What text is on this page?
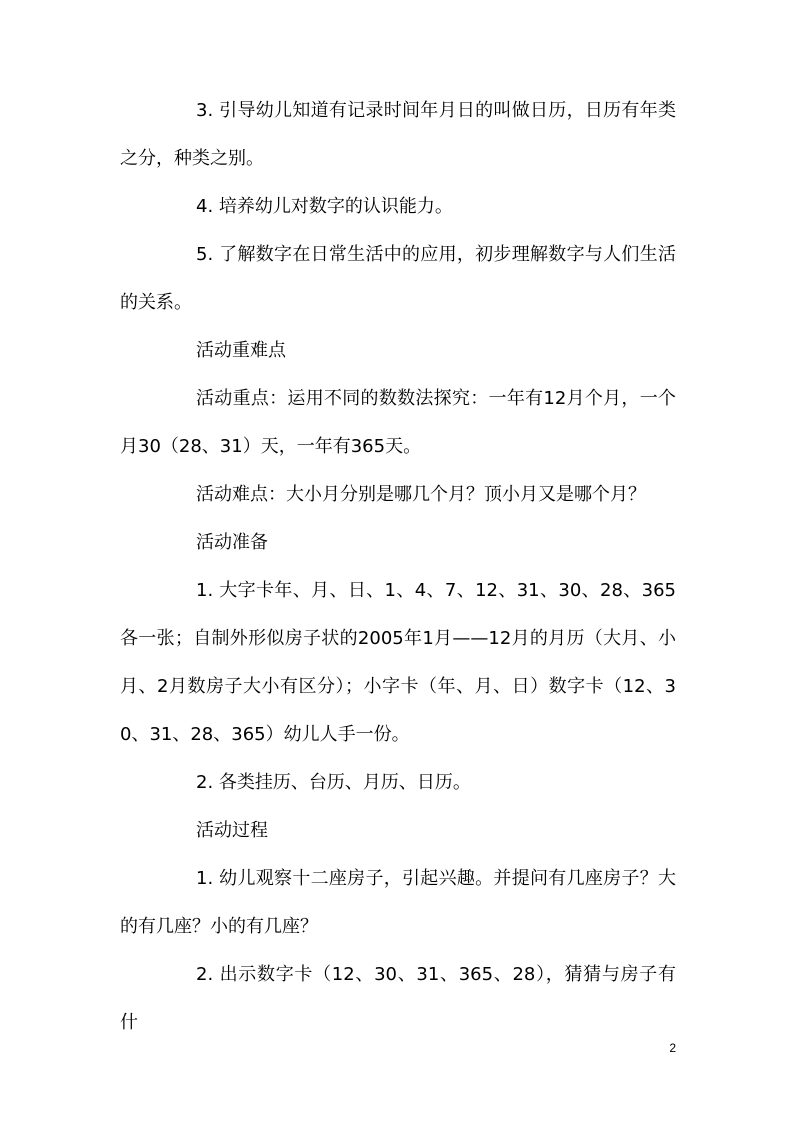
3. 引导幼儿知道有记录时间年月日的叫做日历，日历有年类之分，种类之别。

4. 培养幼儿对数字的认识能力。

5. 了解数字在日常生活中的应用，初步理解数字与人们生活的关系。

活动重难点

活动重点：运用不同的数数法探究：一年有12月个月，一个月30（28、31）天，一年有365天。

活动难点：大小月分别是哪几个月？顶小月又是哪个月？

活动准备

1. 大字卡年、月、日、1、4、7、12、31、30、28、365各一张；自制外形似房子状的2005年1月——12月的月历（大月、小月、2月数房子大小有区分）；小字卡（年、月、日）数字卡（12、30、31、28、365）幼儿人手一份。

2. 各类挂历、台历、月历、日历。

活动过程

1. 幼儿观察十二座房子，引起兴趣。并提问有几座房子？大的有几座？小的有几座？

2. 出示数字卡（12、30、31、365、28），猜猜与房子有什

2
